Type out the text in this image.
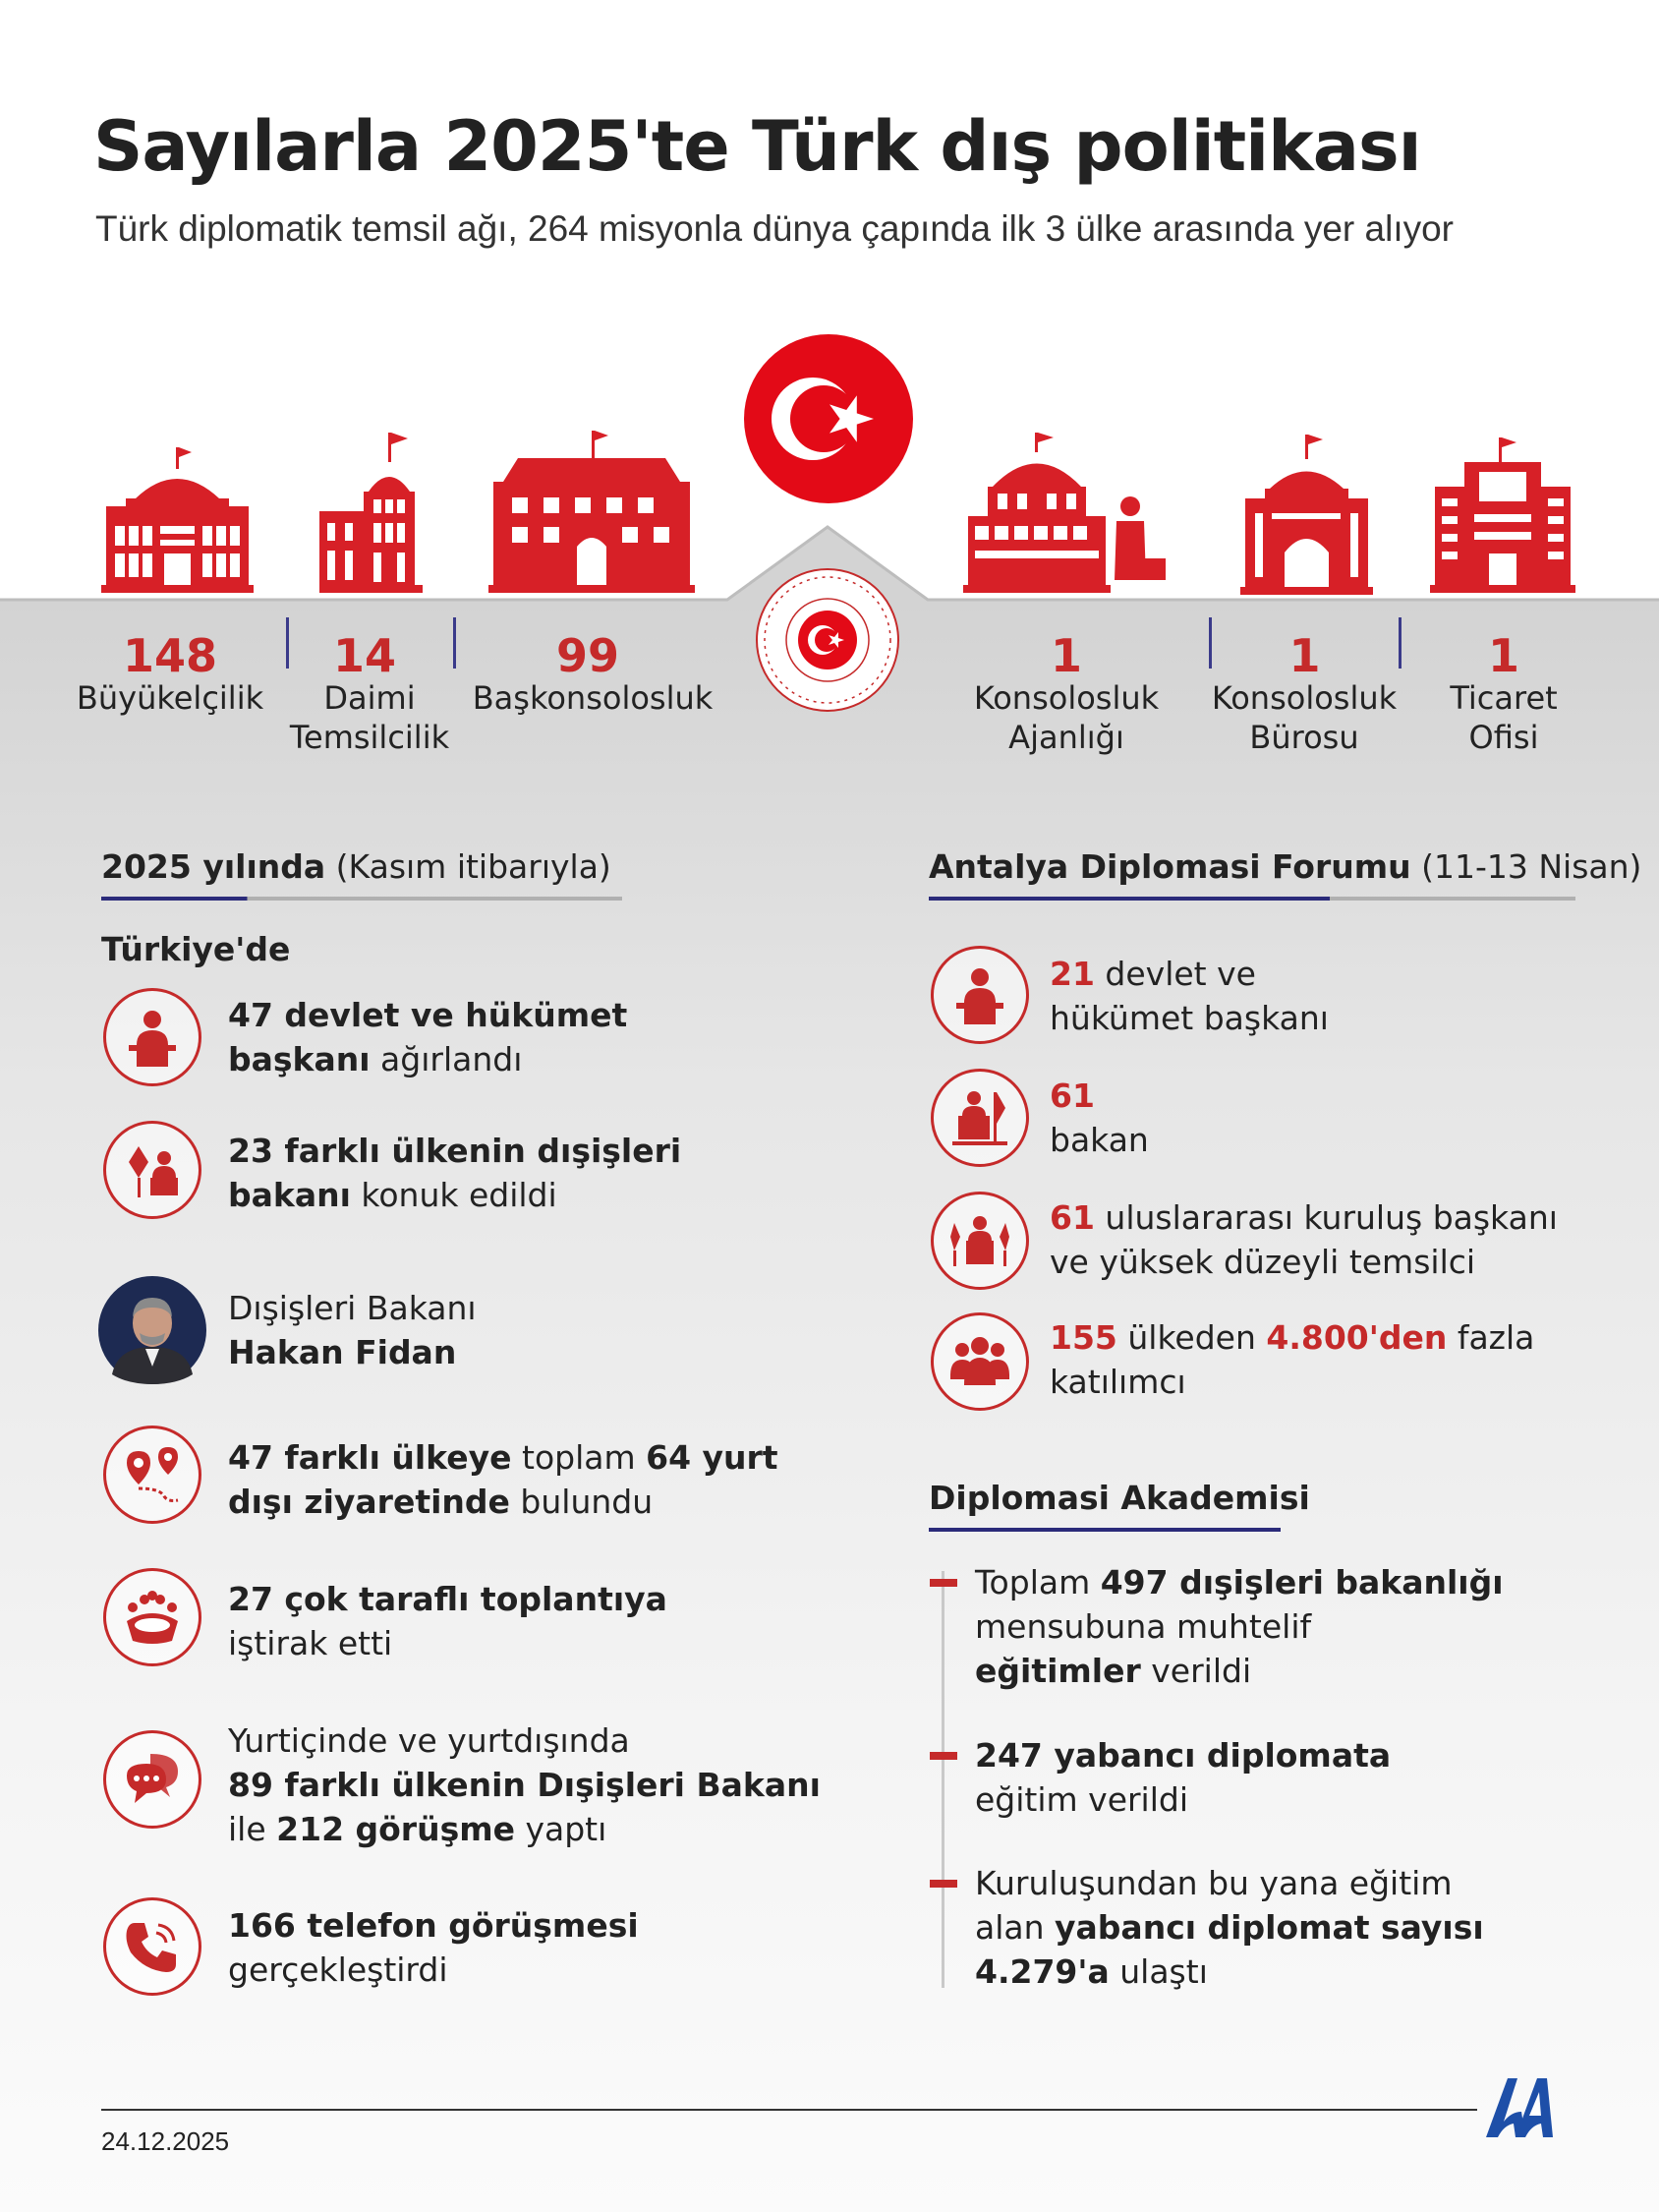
Sayılarla 2025'te Türk dış politikası
Türk diplomatik temsil ağı, 264 misyonla dünya çapında ilk 3 ülke arasında yer alıyor
148
Büyükelçilik
14
Daimi Temsilcilik
99
Başkonsolosluk
1
Konsolosluk Ajanlığı
1
Konsolosluk Bürosu
1
Ticaret Ofisi
2025 yılında (Kasım itibarıyla)
Türkiye'de
47 devlet ve hükümet
başkanı ağırlandı
23 farklı ülkenin dışişleri
bakanı konuk edildi
Dışişleri Bakanı
Hakan Fidan
47 farklı ülkeye toplam 64 yurt
dışı ziyaretinde bulundu
27 çok taraflı toplantıya
iştirak etti
Yurtiçinde ve yurtdışında
89 farklı ülkenin Dışişleri Bakanı
ile 212 görüşme yaptı
166 telefon görüşmesi
gerçekleştirdi
Antalya Diplomasi Forumu (11-13 Nisan)
21 devlet ve
hükümet başkanı
61
bakan
61 uluslararası kuruluş başkanı
ve yüksek düzeyli temsilci
155 ülkeden 4.800'den fazla
katılımcı
Diplomasi Akademisi
Toplam 497 dışişleri bakanlığı
mensubuna muhtelif
eğitimler verildi
247 yabancı diplomata
eğitim verildi
Kuruluşundan bu yana eğitim
alan yabancı diplomat sayısı
4.279'a ulaştı
24.12.2025
